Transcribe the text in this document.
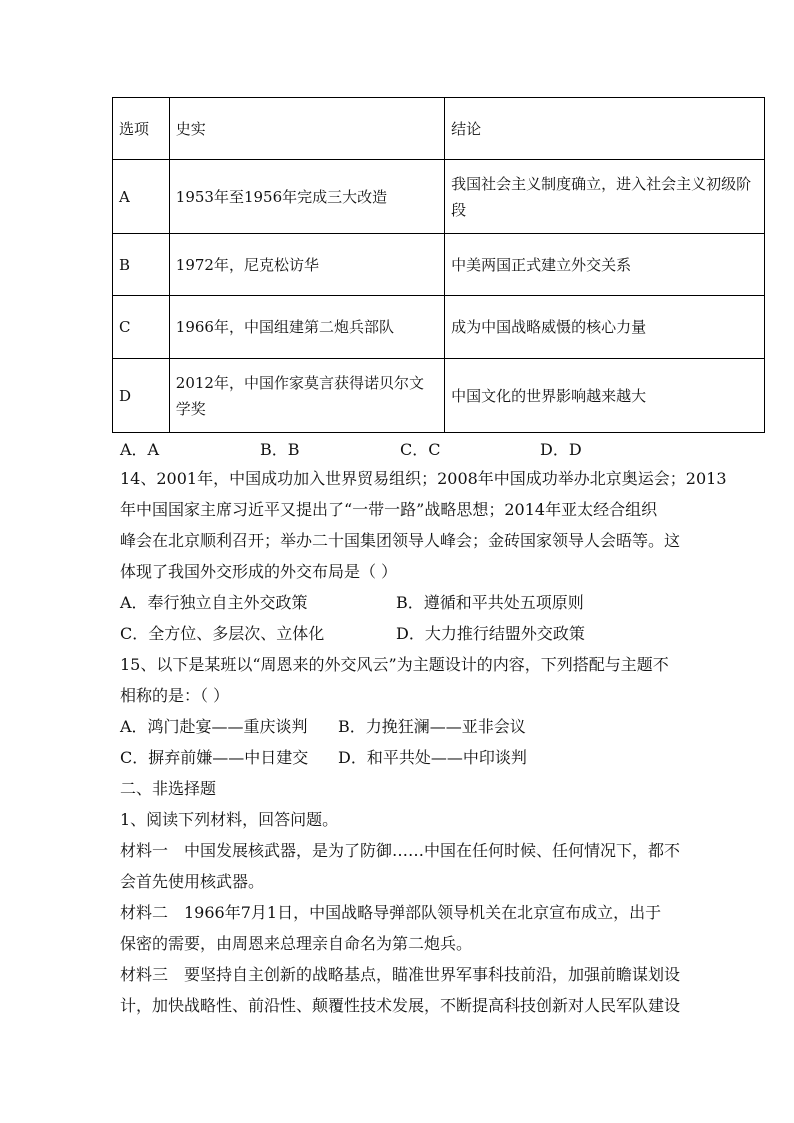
选项	史实	结论
A	1953年至1956年完成三大改造	我国社会主义制度确立，进入社会主义初级阶段
B	1972年，尼克松访华	中美两国正式建立外交关系
C	1966年，中国组建第二炮兵部队	成为中国战略威慑的核心力量
D	2012年，中国作家莫言获得诺贝尔文学奖	中国文化的世界影响越来越大
A．A	B．B	C．C	D．D
14、2001年，中国成功加入世界贸易组织；2008年中国成功举办北京奥运会；2013
年中国国家主席习近平又提出了“一带一路”战略思想；2014年亚太经合组织
峰会在北京顺利召开；举办二十国集团领导人峰会；金砖国家领导人会晤等。这
体现了我国外交形成的外交布局是（ ）
A．奉行独立自主外交政策	B．遵循和平共处五项原则
C．全方位、多层次、立体化	D．大力推行结盟外交政策
15、以下是某班以“周恩来的外交风云”为主题设计的内容，下列搭配与主题不
相称的是：（ ）
A．鸿门赴宴——重庆谈判	B．力挽狂澜——亚非会议
C．摒弃前嫌——中日建交	D．和平共处——中印谈判
二、非选择题
1、阅读下列材料，回答问题。
材料一　中国发展核武器，是为了防御……中国在任何时候、任何情况下，都不
会首先使用核武器。
材料二　1966年7月1日，中国战略导弹部队领导机关在北京宣布成立，出于
保密的需要，由周恩来总理亲自命名为第二炮兵。
材料三　要坚持自主创新的战略基点，瞄准世界军事科技前沿，加强前瞻谋划设
计，加快战略性、前沿性、颠覆性技术发展，不断提高科技创新对人民军队建设
